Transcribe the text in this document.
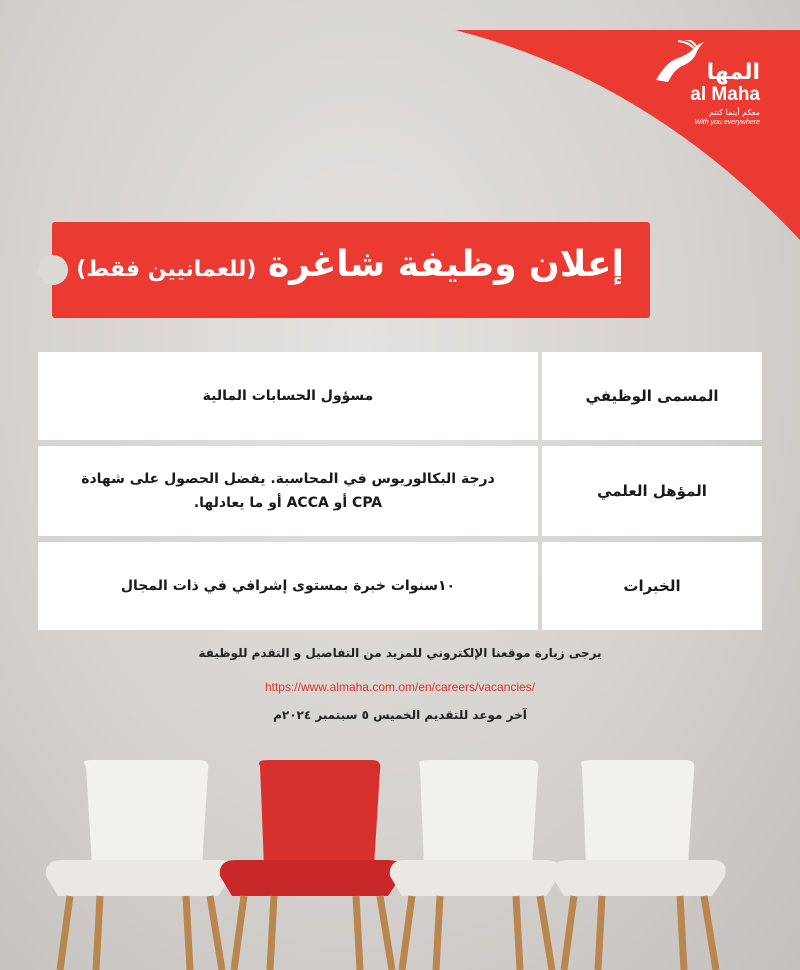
المها
al Maha
معكم أينما كنتم
With you everywhere
إعلان وظيفة شاغرة (للعمانيين فقط)
المسمى الوظيفي
مسؤول الحسابات المالية
المؤهل العلمي
درجة البكالوريوس في المحاسبة. يفضل الحصول على شهادة CPA أو ACCA أو ما يعادلها.
الخبرات
١٠سنوات خبرة بمستوى إشرافي في ذات المجال
يرجى زيارة موقعنا الإلكتروني للمزيد من التفاصيل و التقدم للوظيفة
https://www.almaha.com.om/en/careers/vacancies/
آخر موعد للتقديم الخميس ٥ سبتمبر ٢٠٢٤م
